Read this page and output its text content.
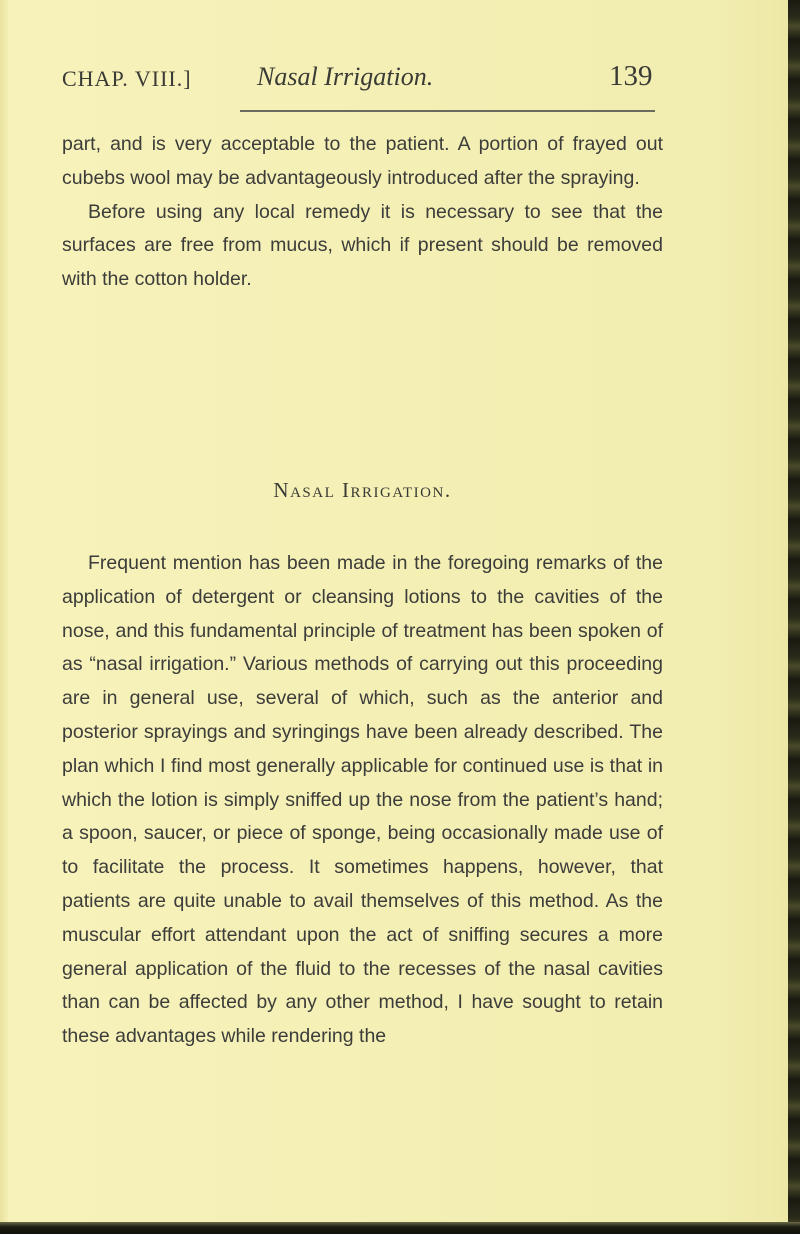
CHAP. VIII.]	Nasal Irrigation.	139

part, and is very acceptable to the patient. A portion of frayed out cubebs wool may be advantageously introduced after the spraying.

Before using any local remedy it is necessary to see that the surfaces are free from mucus, which if present should be removed with the cotton holder.

Nasal Irrigation.

Frequent mention has been made in the foregoing remarks of the application of detergent or cleansing lotions to the cavities of the nose, and this fundamental principle of treatment has been spoken of as “nasal irrigation.” Various methods of carrying out this proceeding are in general use, several of which, such as the anterior and posterior sprayings and syringings have been already described. The plan which I find most generally applicable for continued use is that in which the lotion is simply sniffed up the nose from the patient’s hand; a spoon, saucer, or piece of sponge, being occasionally made use of to facilitate the process. It sometimes happens, however, that patients are quite unable to avail themselves of this method. As the muscular effort attendant upon the act of sniffing secures a more general application of the fluid to the recesses of the nasal cavities than can be affected by any other method, I have sought to retain these advantages while rendering the
